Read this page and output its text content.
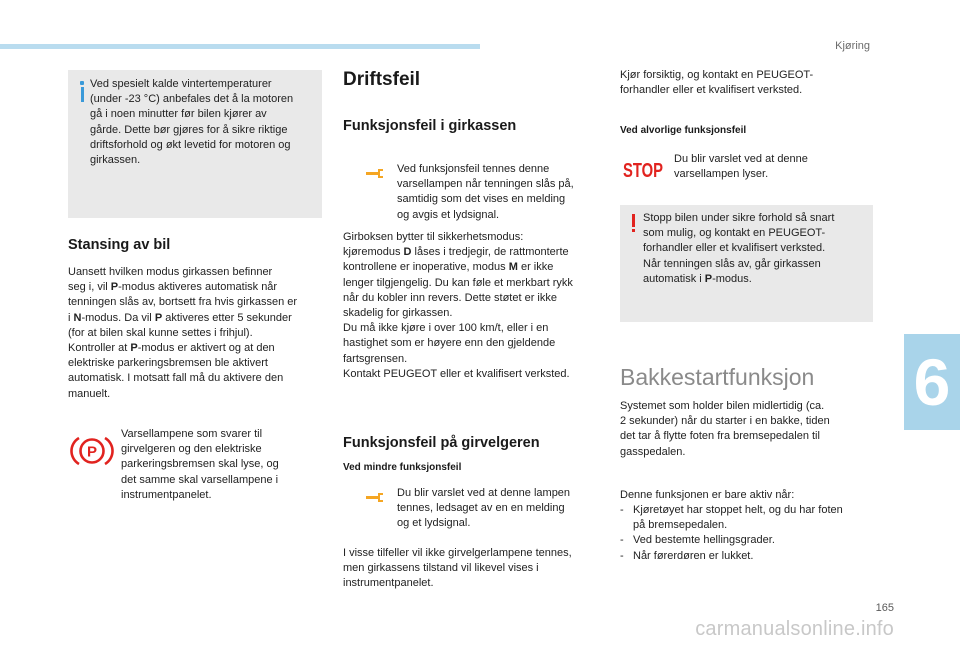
Kjøring
6
Ved spesielt kalde vintertemperaturer
(under -23 °C) anbefales det å la motoren
gå i noen minutter før bilen kjører av
gårde. Dette bør gjøres for å sikre riktige
driftsforhold og økt levetid for motoren og
girkassen.
Stansing av bil
Uansett hvilken modus girkassen befinner
seg i, vil P-modus aktiveres automatisk når
tenningen slås av, bortsett fra hvis girkassen er
i N-modus. Da vil P aktiveres etter 5 sekunder
(for at bilen skal kunne settes i frihjul).
Kontroller at P-modus er aktivert og at den
elektriske parkeringsbremsen ble aktivert
automatisk. I motsatt fall må du aktivere den
manuelt.
P
Varsellampene som svarer til
girvelgeren og den elektriske
parkeringsbremsen skal lyse, og
det samme skal varsellampene i
instrumentpanelet.
Driftsfeil
Funksjonsfeil i girkassen
Ved funksjonsfeil tennes denne
varsellampen når tenningen slås på,
samtidig som det vises en melding
og avgis et lydsignal.
Girboksen bytter til sikkerhetsmodus:
kjøremodus D låses i tredjegir, de rattmonterte
kontrollene er inoperative, modus M er ikke
lenger tilgjengelig. Du kan føle et merkbart rykk
når du kobler inn revers. Dette støtet er ikke
skadelig for girkassen.
Du må ikke kjøre i over 100 km/t, eller i en
hastighet som er høyere enn den gjeldende
fartsgrensen.
Kontakt PEUGEOT eller et kvalifisert verksted.
Funksjonsfeil på girvelgeren
Ved mindre funksjonsfeil
Du blir varslet ved at denne lampen
tennes, ledsaget av en en melding
og et lydsignal.
I visse tilfeller vil ikke girvelgerlampene tennes,
men girkassens tilstand vil likevel vises i
instrumentpanelet.
Kjør forsiktig, og kontakt en PEUGEOT-
forhandler eller et kvalifisert verksted.
Ved alvorlige funksjonsfeil
STOP
Du blir varslet ved at denne
varsellampen lyser.
Stopp bilen under sikre forhold så snart
som mulig, og kontakt en PEUGEOT-
forhandler eller et kvalifisert verksted.
Når tenningen slås av, går girkassen
automatisk i P-modus.
Bakkestartfunksjon
Systemet som holder bilen midlertidig (ca.
2 sekunder) når du starter i en bakke, tiden
det tar å flytte foten fra bremsepedalen til
gasspedalen.
Denne funksjonen er bare aktiv når:
- Kjøretøyet har stoppet helt, og du har foten
på bremsepedalen.
- Ved bestemte hellingsgrader.
- Når førerdøren er lukket.
165
carmanualsonline.info
